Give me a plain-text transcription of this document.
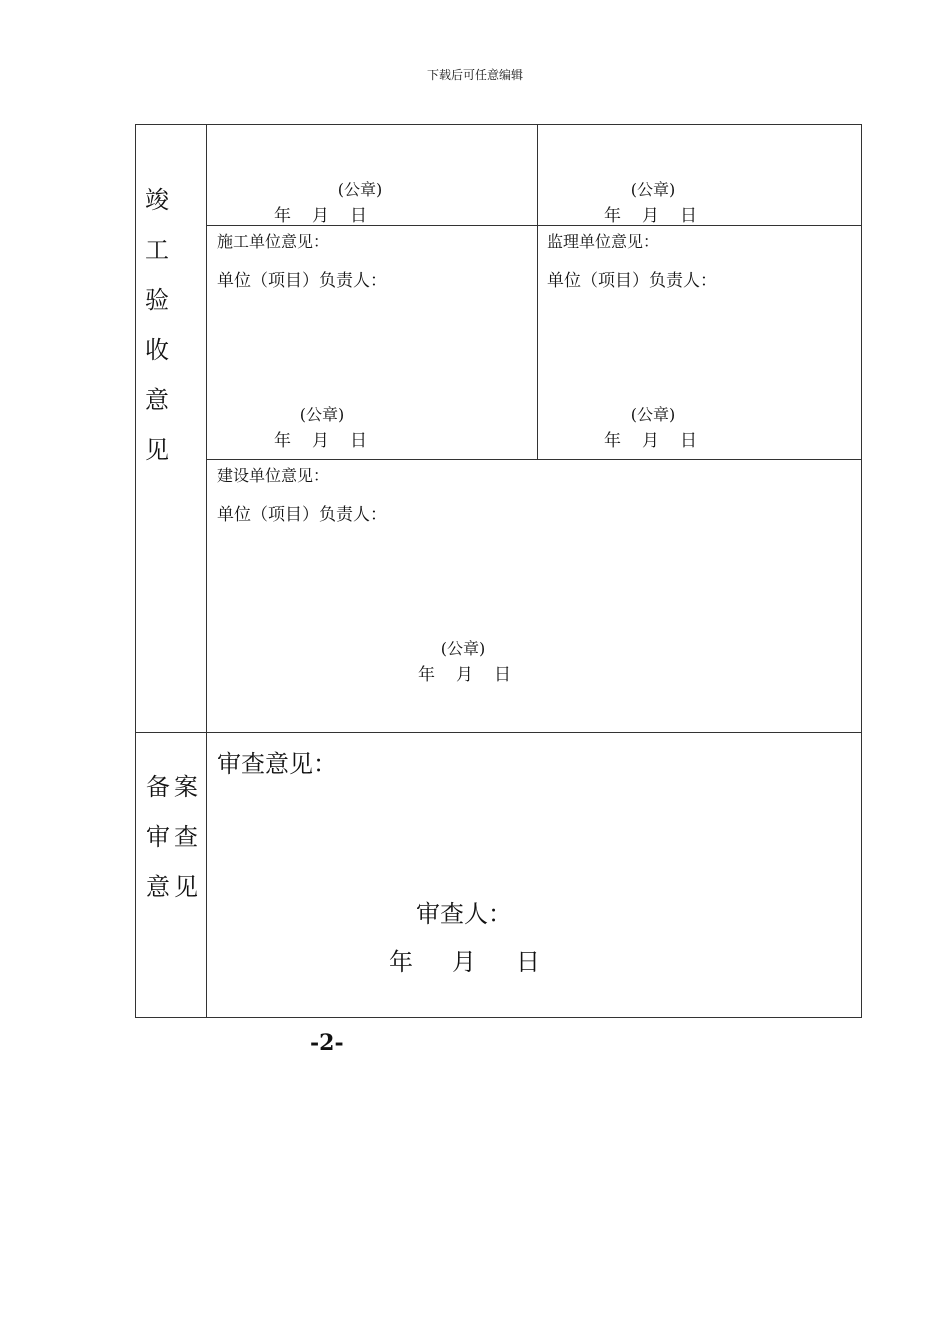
下载后可任意编辑
竣
工
验
收
意
见
(公章)
年 月 日
(公章)
年 月 日
施工单位意见：
单位（项目）负责人：
(公章)
年 月 日
监理单位意见：
单位（项目）负责人：
(公章)
年 月 日
建设单位意见：
单位（项目）负责人：
(公章)
年 月 日
备案
审查
意见
审查意见：
审查人：
年 月 日
-2-
